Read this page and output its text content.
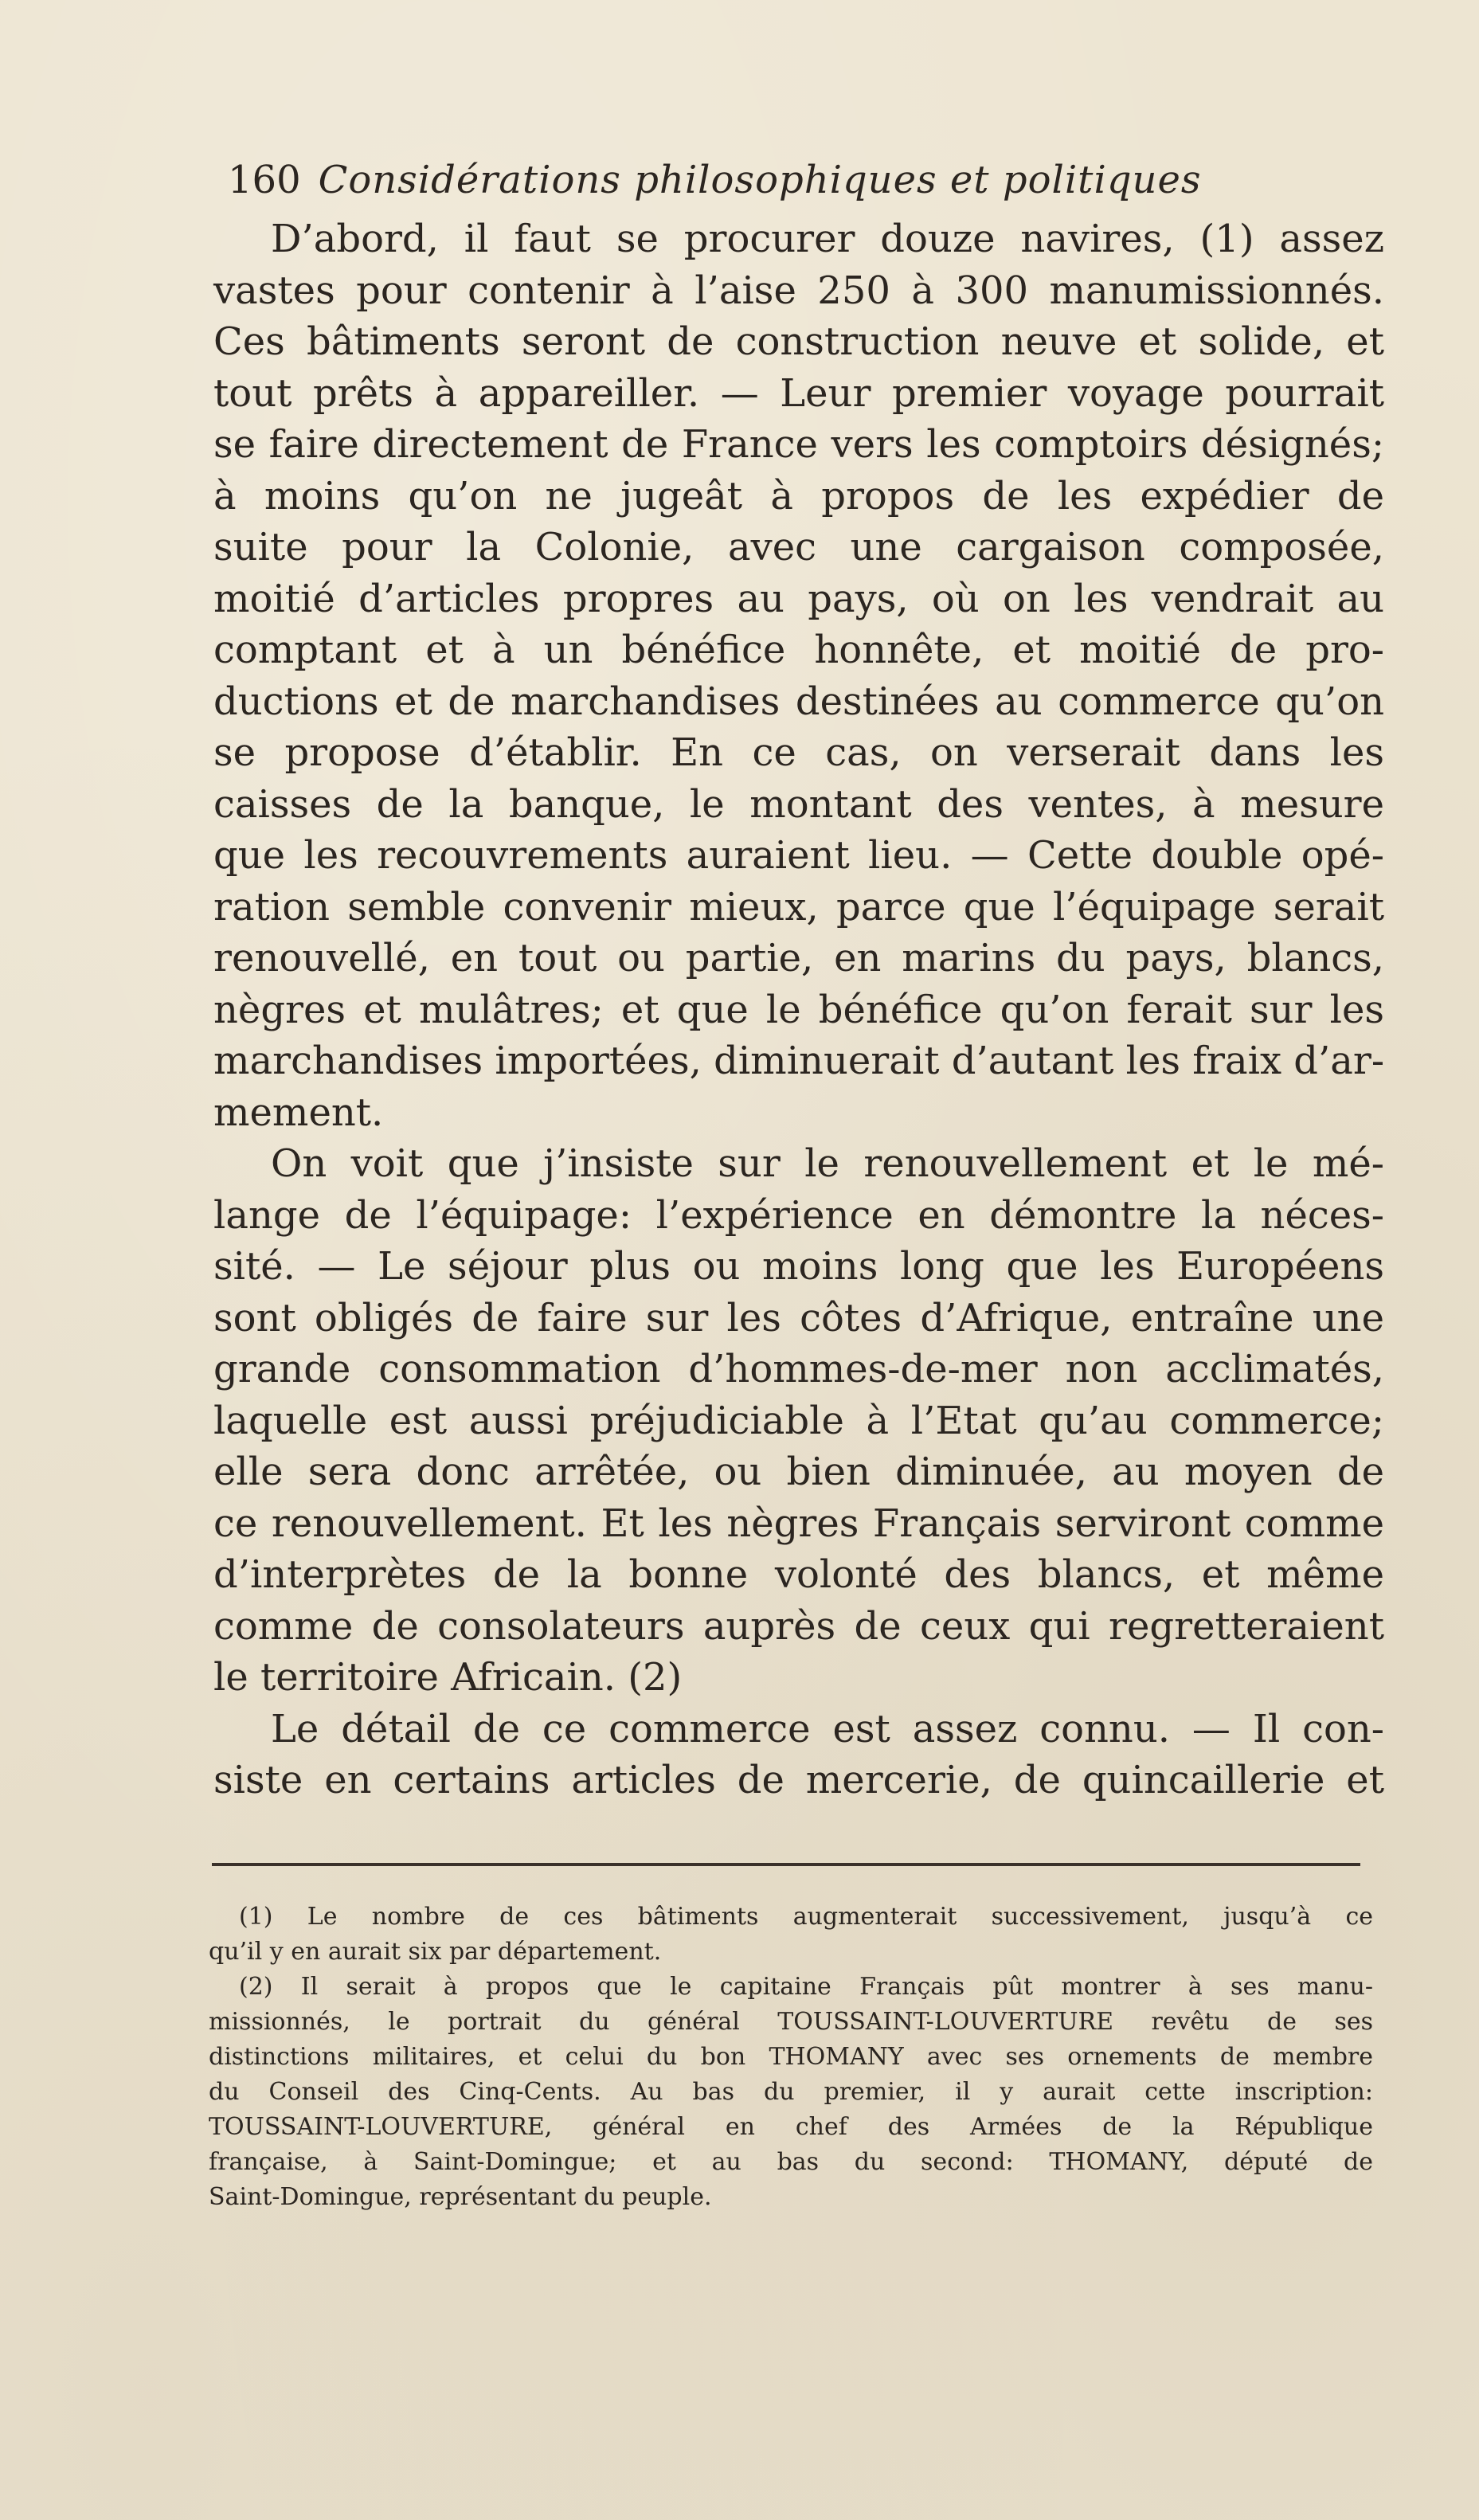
160 Considérations philosophiques et politiques
D’abord, il faut se procurer douze navires, (1) assez
vastes pour contenir à l’aise 250 à 300 manumissionnés.
Ces bâtiments seront de construction neuve et solide, et
tout prêts à appareiller. — Leur premier voyage pourrait
se faire directement de France vers les comptoirs désignés;
à moins qu’on ne jugeât à propos de les expédier de
suite pour la Colonie, avec une cargaison composée,
moitié d’articles propres au pays, où on les vendrait au
comptant et à un bénéfice honnête, et moitié de pro-
ductions et de marchandises destinées au commerce qu’on
se propose d’établir. En ce cas, on verserait dans les
caisses de la banque, le montant des ventes, à mesure
que les recouvrements auraient lieu. — Cette double opé-
ration semble convenir mieux, parce que l’équipage serait
renouvellé, en tout ou partie, en marins du pays, blancs,
nègres et mulâtres; et que le bénéfice qu’on ferait sur les
marchandises importées, diminuerait d’autant les fraix d’ar-
mement.
On voit que j’insiste sur le renouvellement et le mé-
lange de l’équipage: l’expérience en démontre la néces-
sité. — Le séjour plus ou moins long que les Européens
sont obligés de faire sur les côtes d’Afrique, entraîne une
grande consommation d’hommes-de-mer non acclimatés,
laquelle est aussi préjudiciable à l’Etat qu’au commerce;
elle sera donc arrêtée, ou bien diminuée, au moyen de
ce renouvellement. Et les nègres Français serviront comme
d’interprètes de la bonne volonté des blancs, et même
comme de consolateurs auprès de ceux qui regretteraient
le territoire Africain. (2)
Le détail de ce commerce est assez connu. — Il con-
siste en certains articles de mercerie, de quincaillerie et
(1) Le nombre de ces bâtiments augmenterait successivement, jusqu’à ce
qu’il y en aurait six par département.
(2) Il serait à propos que le capitaine Français pût montrer à ses manu-
missionnés, le portrait du général TOUSSAINT-LOUVERTURE revêtu de ses
distinctions militaires, et celui du bon THOMANY avec ses ornements de membre
du Conseil des Cinq-Cents. Au bas du premier, il y aurait cette inscription:
TOUSSAINT-LOUVERTURE, général en chef des Armées de la République
française, à Saint-Domingue; et au bas du second: THOMANY, député de
Saint-Domingue, représentant du peuple.
